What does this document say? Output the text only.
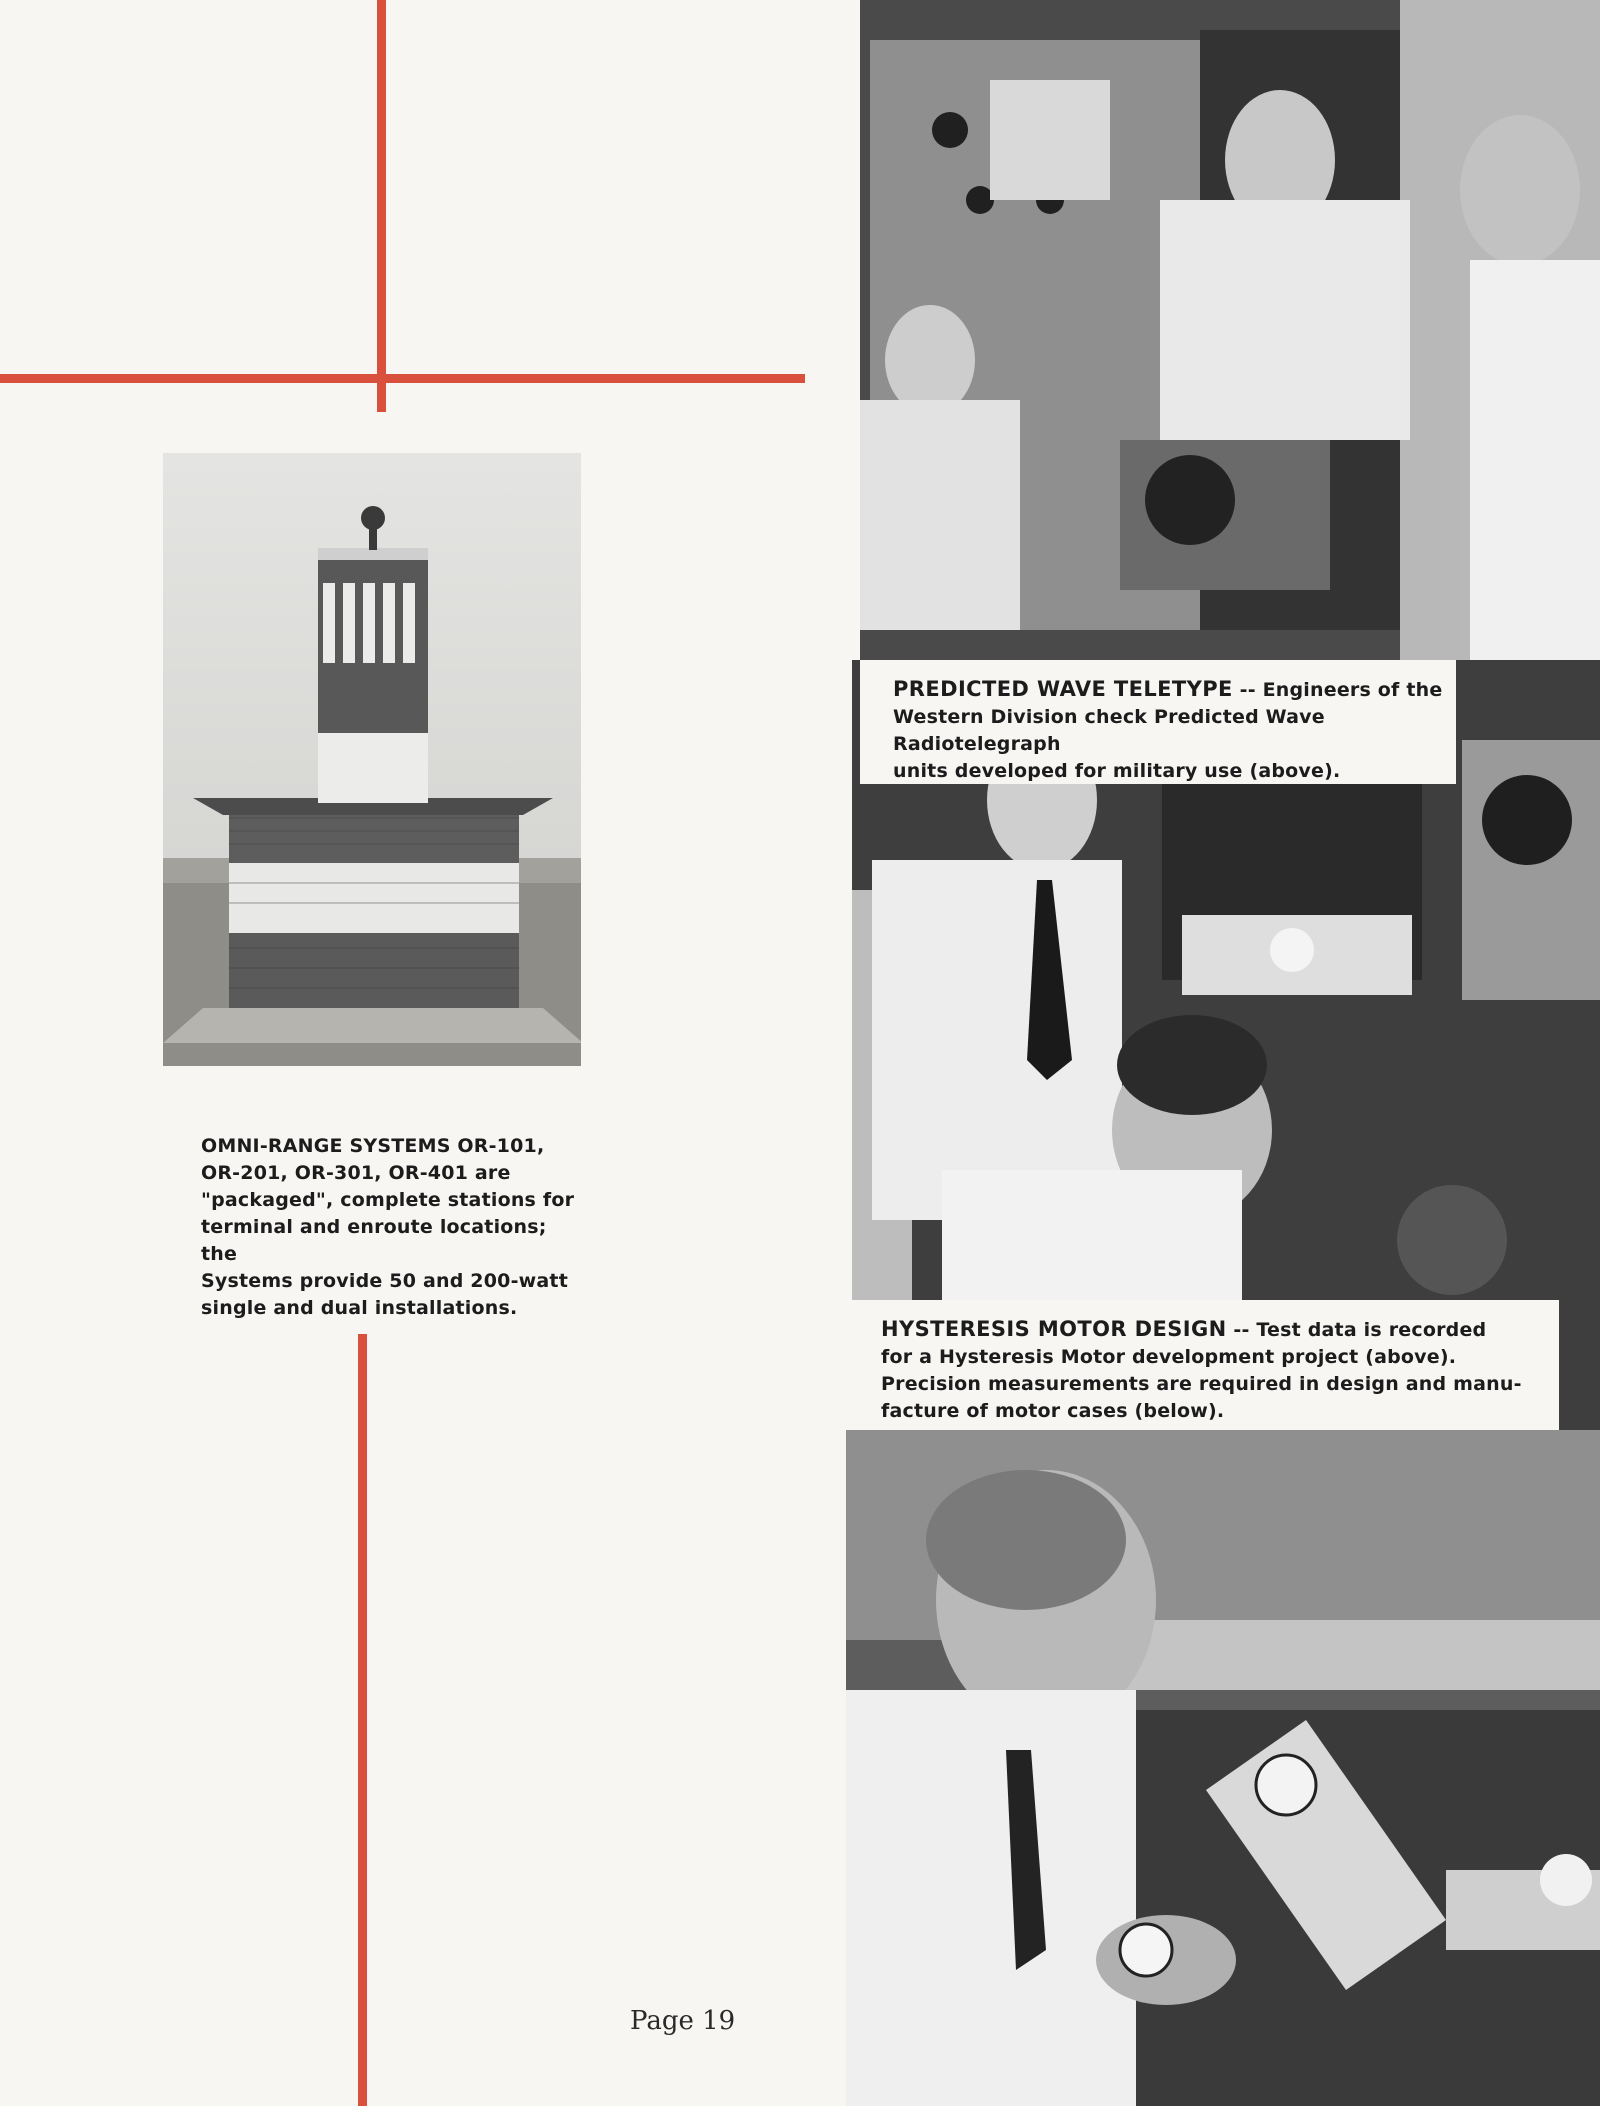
OMNI-RANGE SYSTEMS OR-101,
OR-201, OR-301, OR-401 are
"packaged", complete stations for
terminal and enroute locations; the
Systems provide 50 and 200-watt
single and dual installations.
PREDICTED WAVE TELETYPE -- Engineers of the
Western Division check Predicted Wave Radiotelegraph
units developed for military use (above).
HYSTERESIS MOTOR DESIGN -- Test data is recorded
for a Hysteresis Motor development project (above).
Precision measurements are required in design and manu-
facture of motor cases (below).
Page 19
